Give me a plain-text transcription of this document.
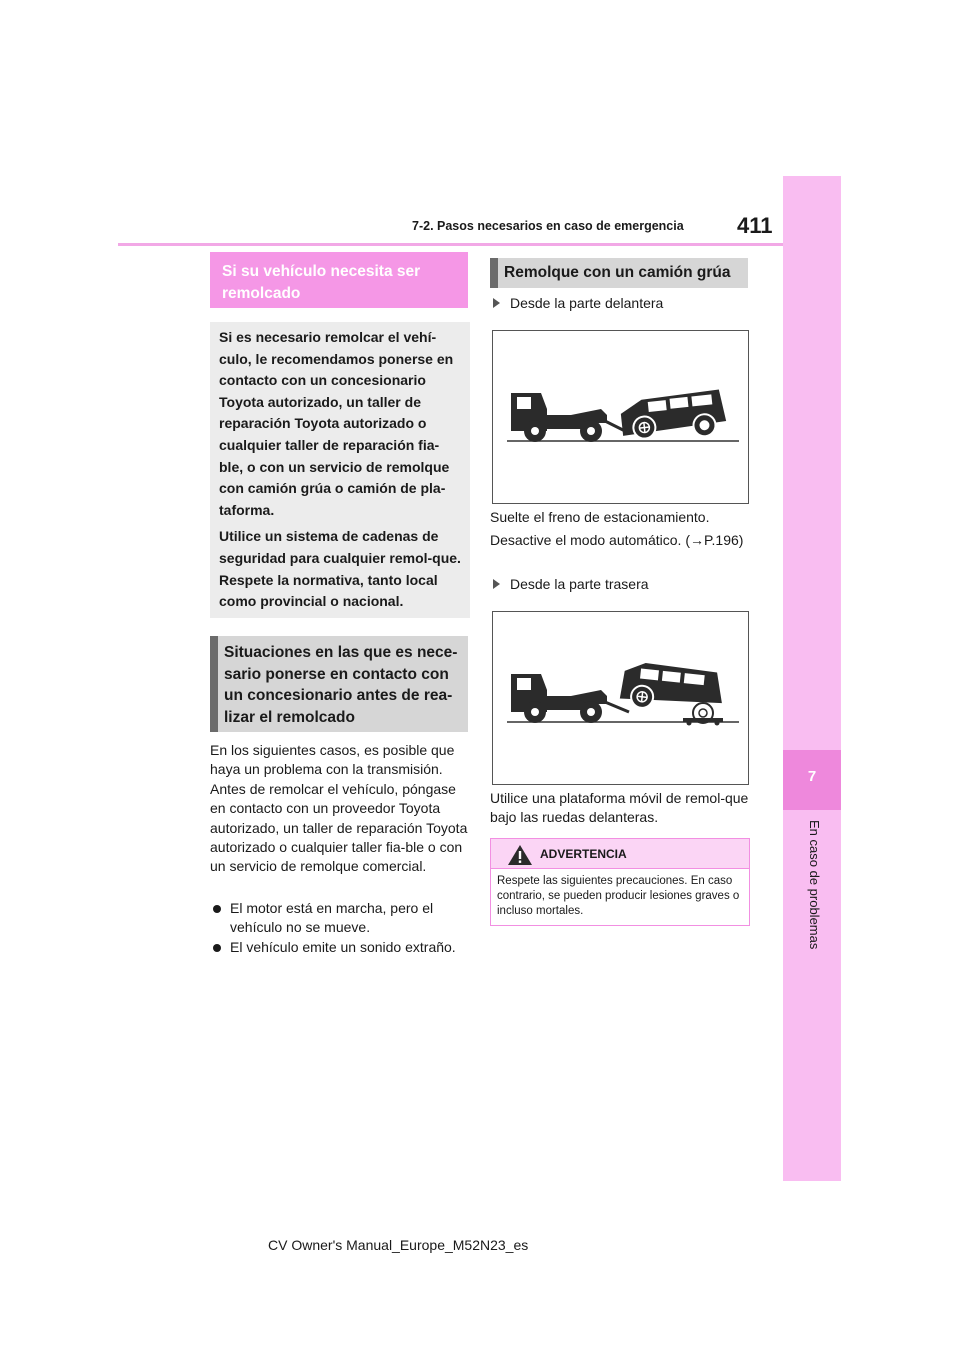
7-2. Pasos necesarios en caso de emergencia 411
7
En caso de problemas
Si su vehículo necesita ser remolcado

Si es necesario remolcar el vehí-culo, le recomendamos ponerse en contacto con un concesionario Toyota autorizado, un taller de reparación Toyota autorizado o cualquier taller de reparación fia-ble, o con un servicio de remolque con camión grúa o camión de pla-taforma.

Utilice un sistema de cadenas de seguridad para cualquier remol-que. Respete la normativa, tanto local como provincial o nacional.

Situaciones en las que es nece-sario ponerse en contacto con un concesionario antes de rea-lizar el remolcado
En los siguientes casos, es posible que haya un problema con la transmisión. Antes de remolcar el vehículo, póngase en contacto con un proveedor Toyota autorizado, un taller de reparación Toyota autorizado o cualquier taller fia-ble o con un servicio de remolque comercial.
El motor está en marcha, pero el vehículo no se mueve.
El vehículo emite un sonido extraño.
Remolque con un camión grúa
Desde la parte delantera
Suelte el freno de estacionamiento.
Desactive el modo automático. (→P.196)
Desde la parte trasera
Utilice una plataforma móvil de remol-que bajo las ruedas delanteras.
ADVERTENCIA
Respete las siguientes precauciones. En caso contrario, se pueden producir lesiones graves o incluso mortales.
CV Owner's Manual_Europe_M52N23_es
